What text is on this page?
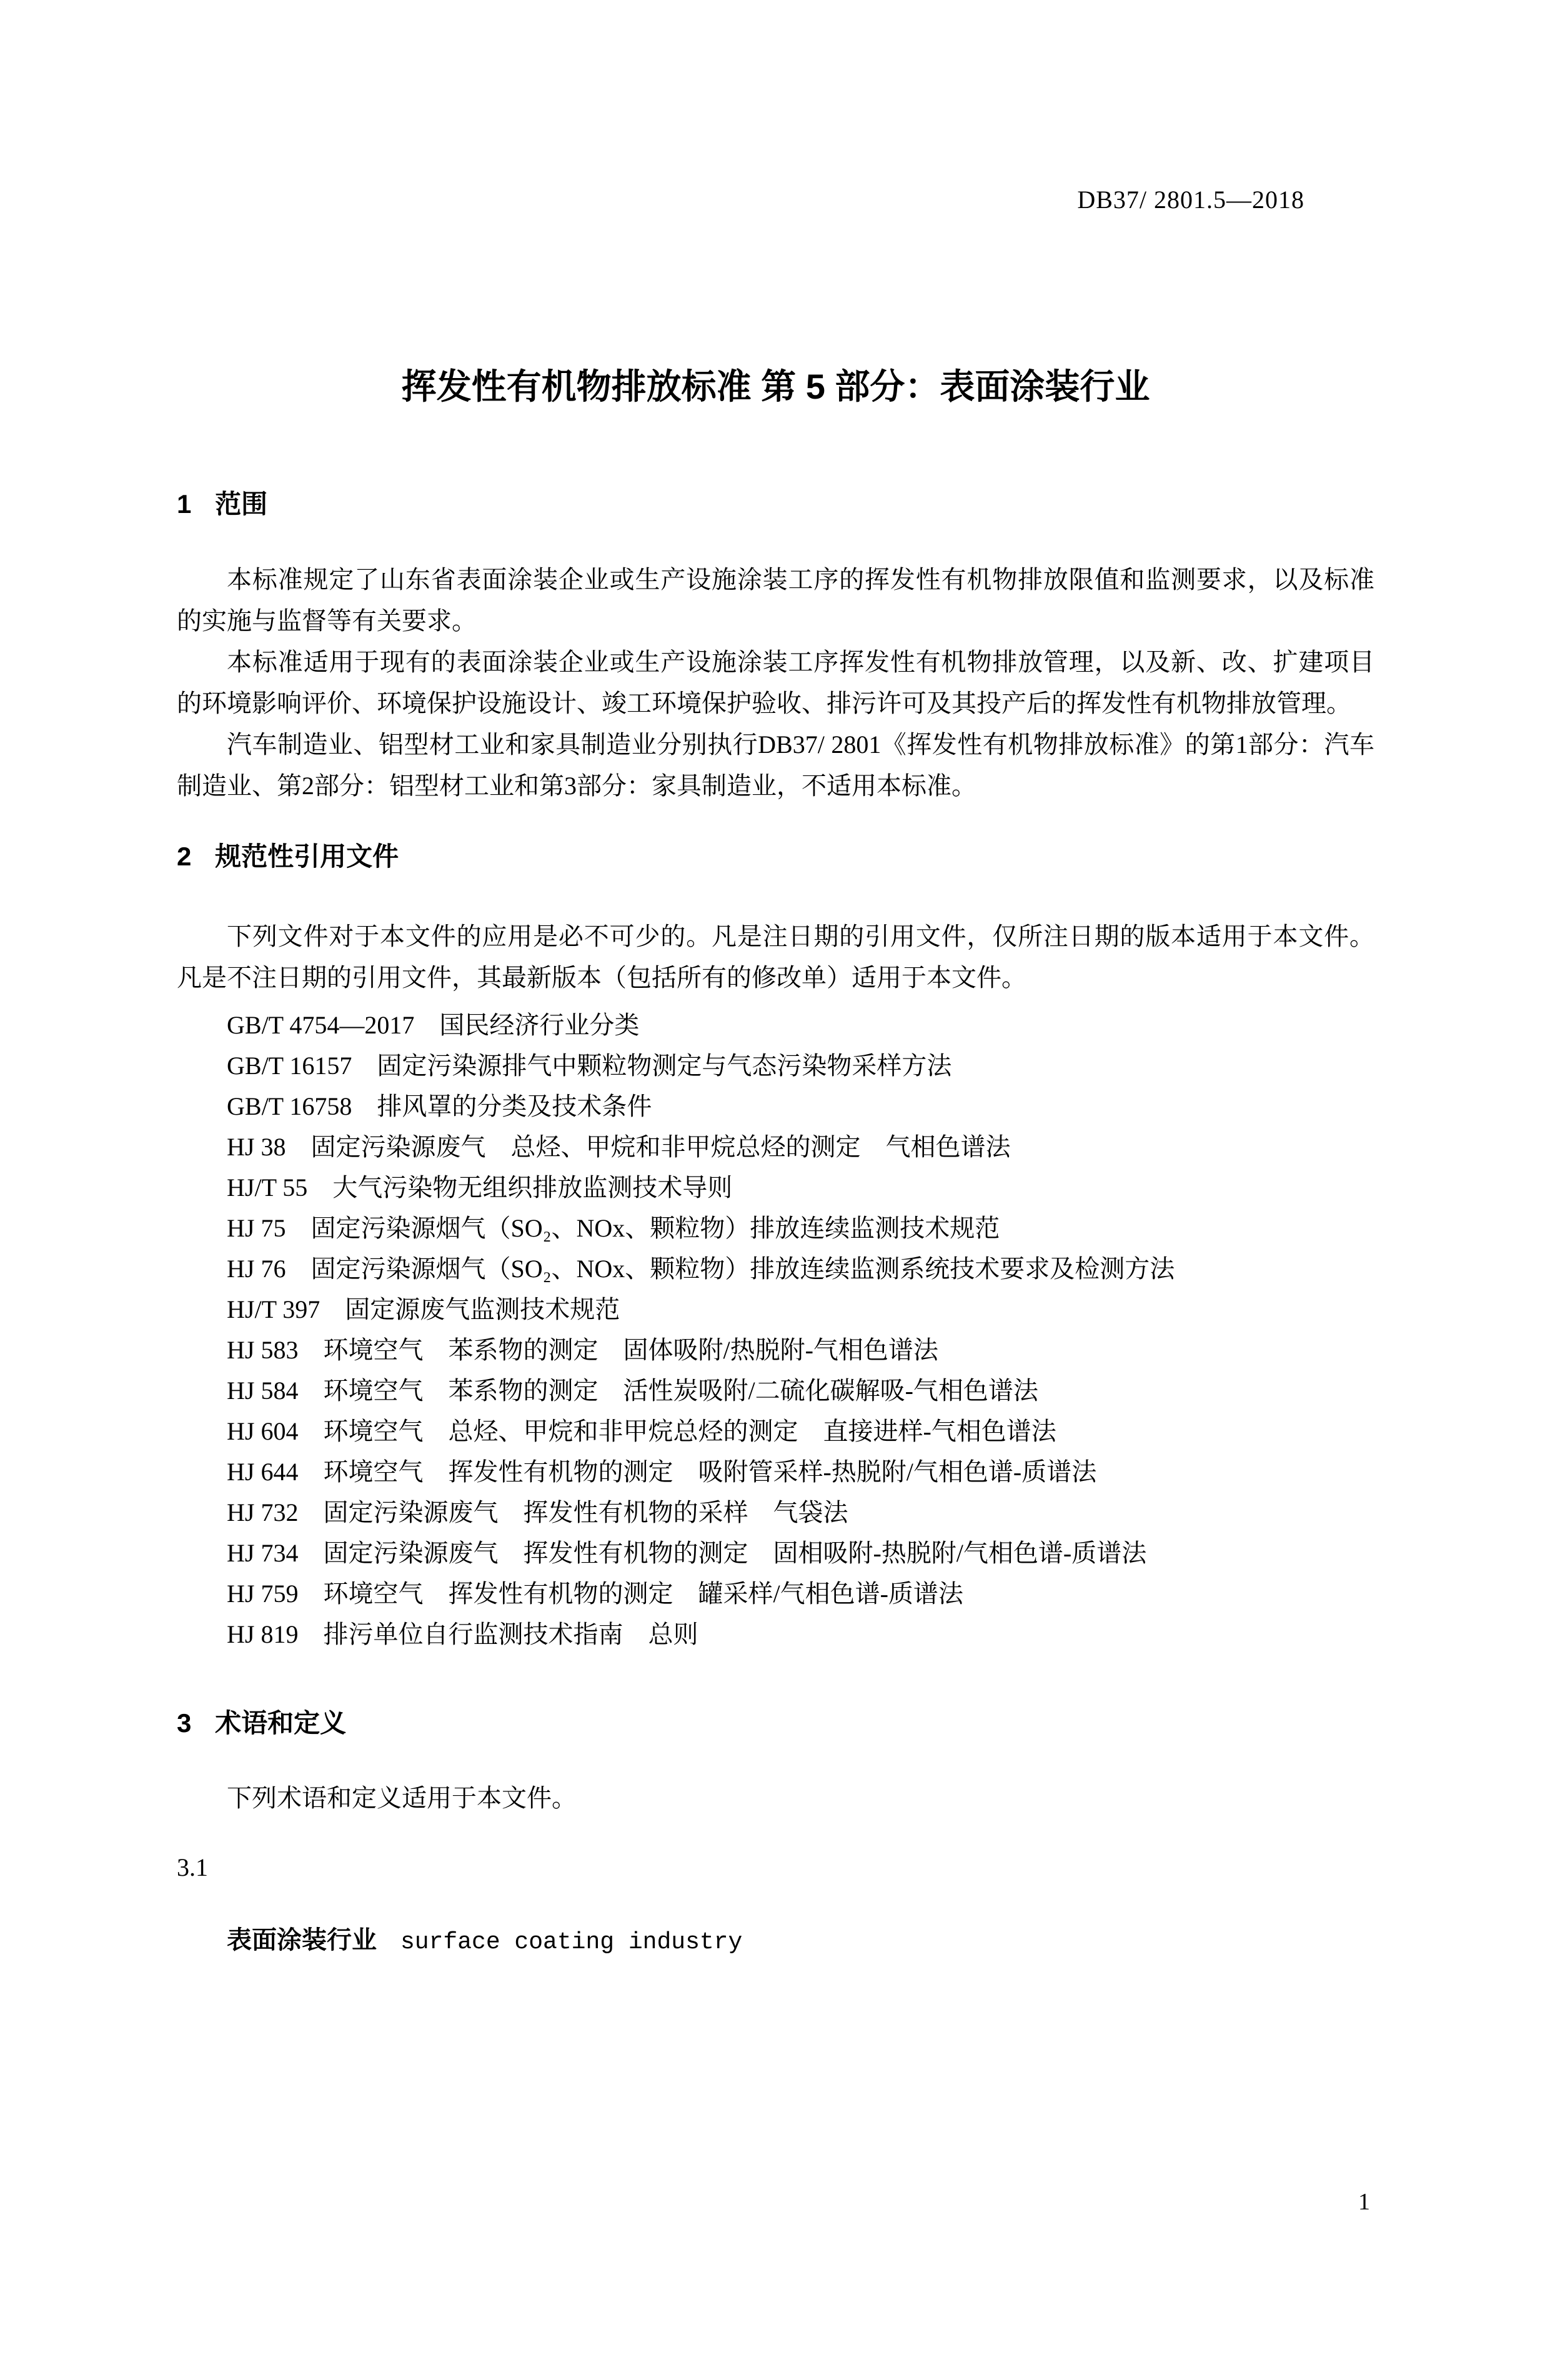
DB37/ 2801.5—2018
挥发性有机物排放标准 第 5 部分：表面涂装行业
1 范围

本标准规定了山东省表面涂装企业或生产设施涂装工序的挥发性有机物排放限值和监测要求，以及标准的实施与监督等有关要求。

本标准适用于现有的表面涂装企业或生产设施涂装工序挥发性有机物排放管理，以及新、改、扩建项目的环境影响评价、环境保护设施设计、竣工环境保护验收、排污许可及其投产后的挥发性有机物排放管理。

汽车制造业、铝型材工业和家具制造业分别执行DB37/ 2801《挥发性有机物排放标准》的第1部分：汽车制造业、第2部分：铝型材工业和第3部分：家具制造业，不适用本标准。

2 规范性引用文件

下列文件对于本文件的应用是必不可少的。凡是注日期的引用文件，仅所注日期的版本适用于本文件。凡是不注日期的引用文件，其最新版本（包括所有的修改单）适用于本文件。

GB/T 4754—2017　国民经济行业分类

GB/T 16157　固定污染源排气中颗粒物测定与气态污染物采样方法

GB/T 16758　排风罩的分类及技术条件

HJ 38　固定污染源废气　总烃、甲烷和非甲烷总烃的测定　气相色谱法

HJ/T 55　大气污染物无组织排放监测技术导则

HJ 75　固定污染源烟气（SO₂、NOx、颗粒物）排放连续监测技术规范

HJ 76　固定污染源烟气（SO₂、NOx、颗粒物）排放连续监测系统技术要求及检测方法

HJ/T 397　固定源废气监测技术规范

HJ 583　环境空气　苯系物的测定　固体吸附/热脱附-气相色谱法

HJ 584　环境空气　苯系物的测定　活性炭吸附/二硫化碳解吸-气相色谱法

HJ 604　环境空气　总烃、甲烷和非甲烷总烃的测定　直接进样-气相色谱法

HJ 644　环境空气　挥发性有机物的测定　吸附管采样-热脱附/气相色谱-质谱法

HJ 732　固定污染源废气　挥发性有机物的采样　气袋法

HJ 734　固定污染源废气　挥发性有机物的测定　固相吸附-热脱附/气相色谱-质谱法

HJ 759　环境空气　挥发性有机物的测定　罐采样/气相色谱-质谱法

HJ 819　排污单位自行监测技术指南　总则

3 术语和定义

下列术语和定义适用于本文件。

3.1
表面涂装行业 surface coating industry
1
